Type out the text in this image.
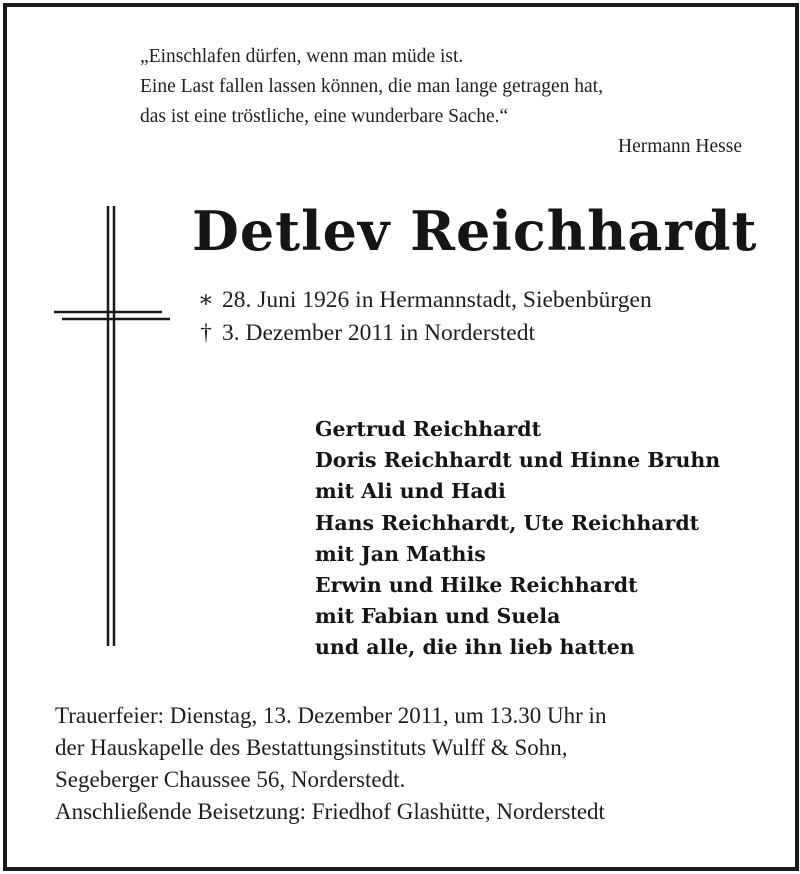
„Einschlafen dürfen, wenn man müde ist.
Eine Last fallen lassen können, die man lange getragen hat,
das ist eine tröstliche, eine wunderbare Sache.“
Hermann Hesse
Detlev Reichhardt
∗ 28. Juni 1926 in Hermannstadt, Siebenbürgen
† 3. Dezember 2011 in Norderstedt
Gertrud Reichhardt
Doris Reichhardt und Hinne Bruhn
mit Ali und Hadi
Hans Reichhardt, Ute Reichhardt
mit Jan Mathis
Erwin und Hilke Reichhardt
mit Fabian und Suela
und alle, die ihn lieb hatten
Trauerfeier: Dienstag, 13. Dezember 2011, um 13.30 Uhr in
der Hauskapelle des Bestattungsinstituts Wulff & Sohn,
Segeberger Chaussee 56, Norderstedt.
Anschließende Beisetzung: Friedhof Glashütte, Norderstedt
